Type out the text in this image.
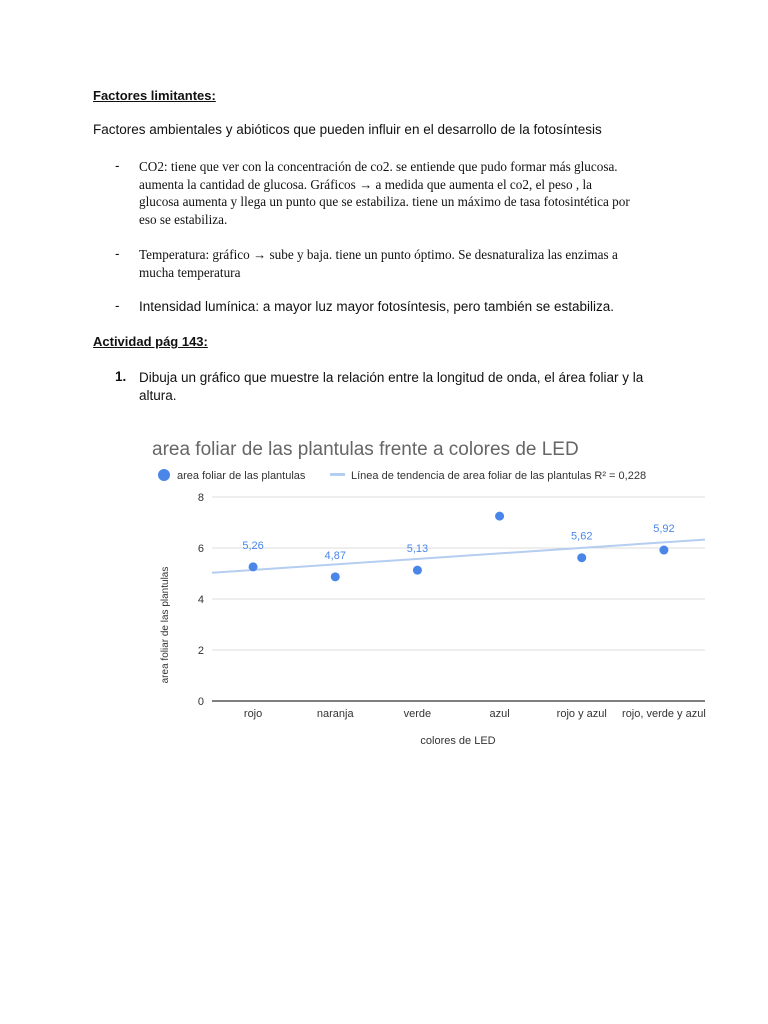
Factores limitantes:
Factores ambientales y abióticos que pueden influir en el desarrollo de la fotosíntesis
- CO2: tiene que ver con la concentración de co2. se entiende que pudo formar más glucosa.
aumenta la cantidad de glucosa. Gráficos → a medida que aumenta el co2, el peso , la
glucosa aumenta y llega un punto que se estabiliza. tiene un máximo de tasa fotosintética por
eso se estabiliza.
- Temperatura: gráfico → sube y baja. tiene un punto óptimo. Se desnaturaliza las enzimas a
mucha temperatura
- Intensidad lumínica: a mayor luz mayor fotosíntesis, pero también se estabiliza.
Actividad pág 143:
1. Dibuja un gráfico que muestre la relación entre la longitud de onda, el área foliar y la
altura.
area foliar de las plantulas frente a colores de LED
area foliar de las plantulas	Línea de tendencia de area foliar de las plantulas R² = 0,228
0
2
4
6
8
5,26
4,87
5,13
5,62
5,92
rojo	naranja	verde	azul	rojo y azul rojo, verde y azul
area foliar de las plantulas
colores de LED
